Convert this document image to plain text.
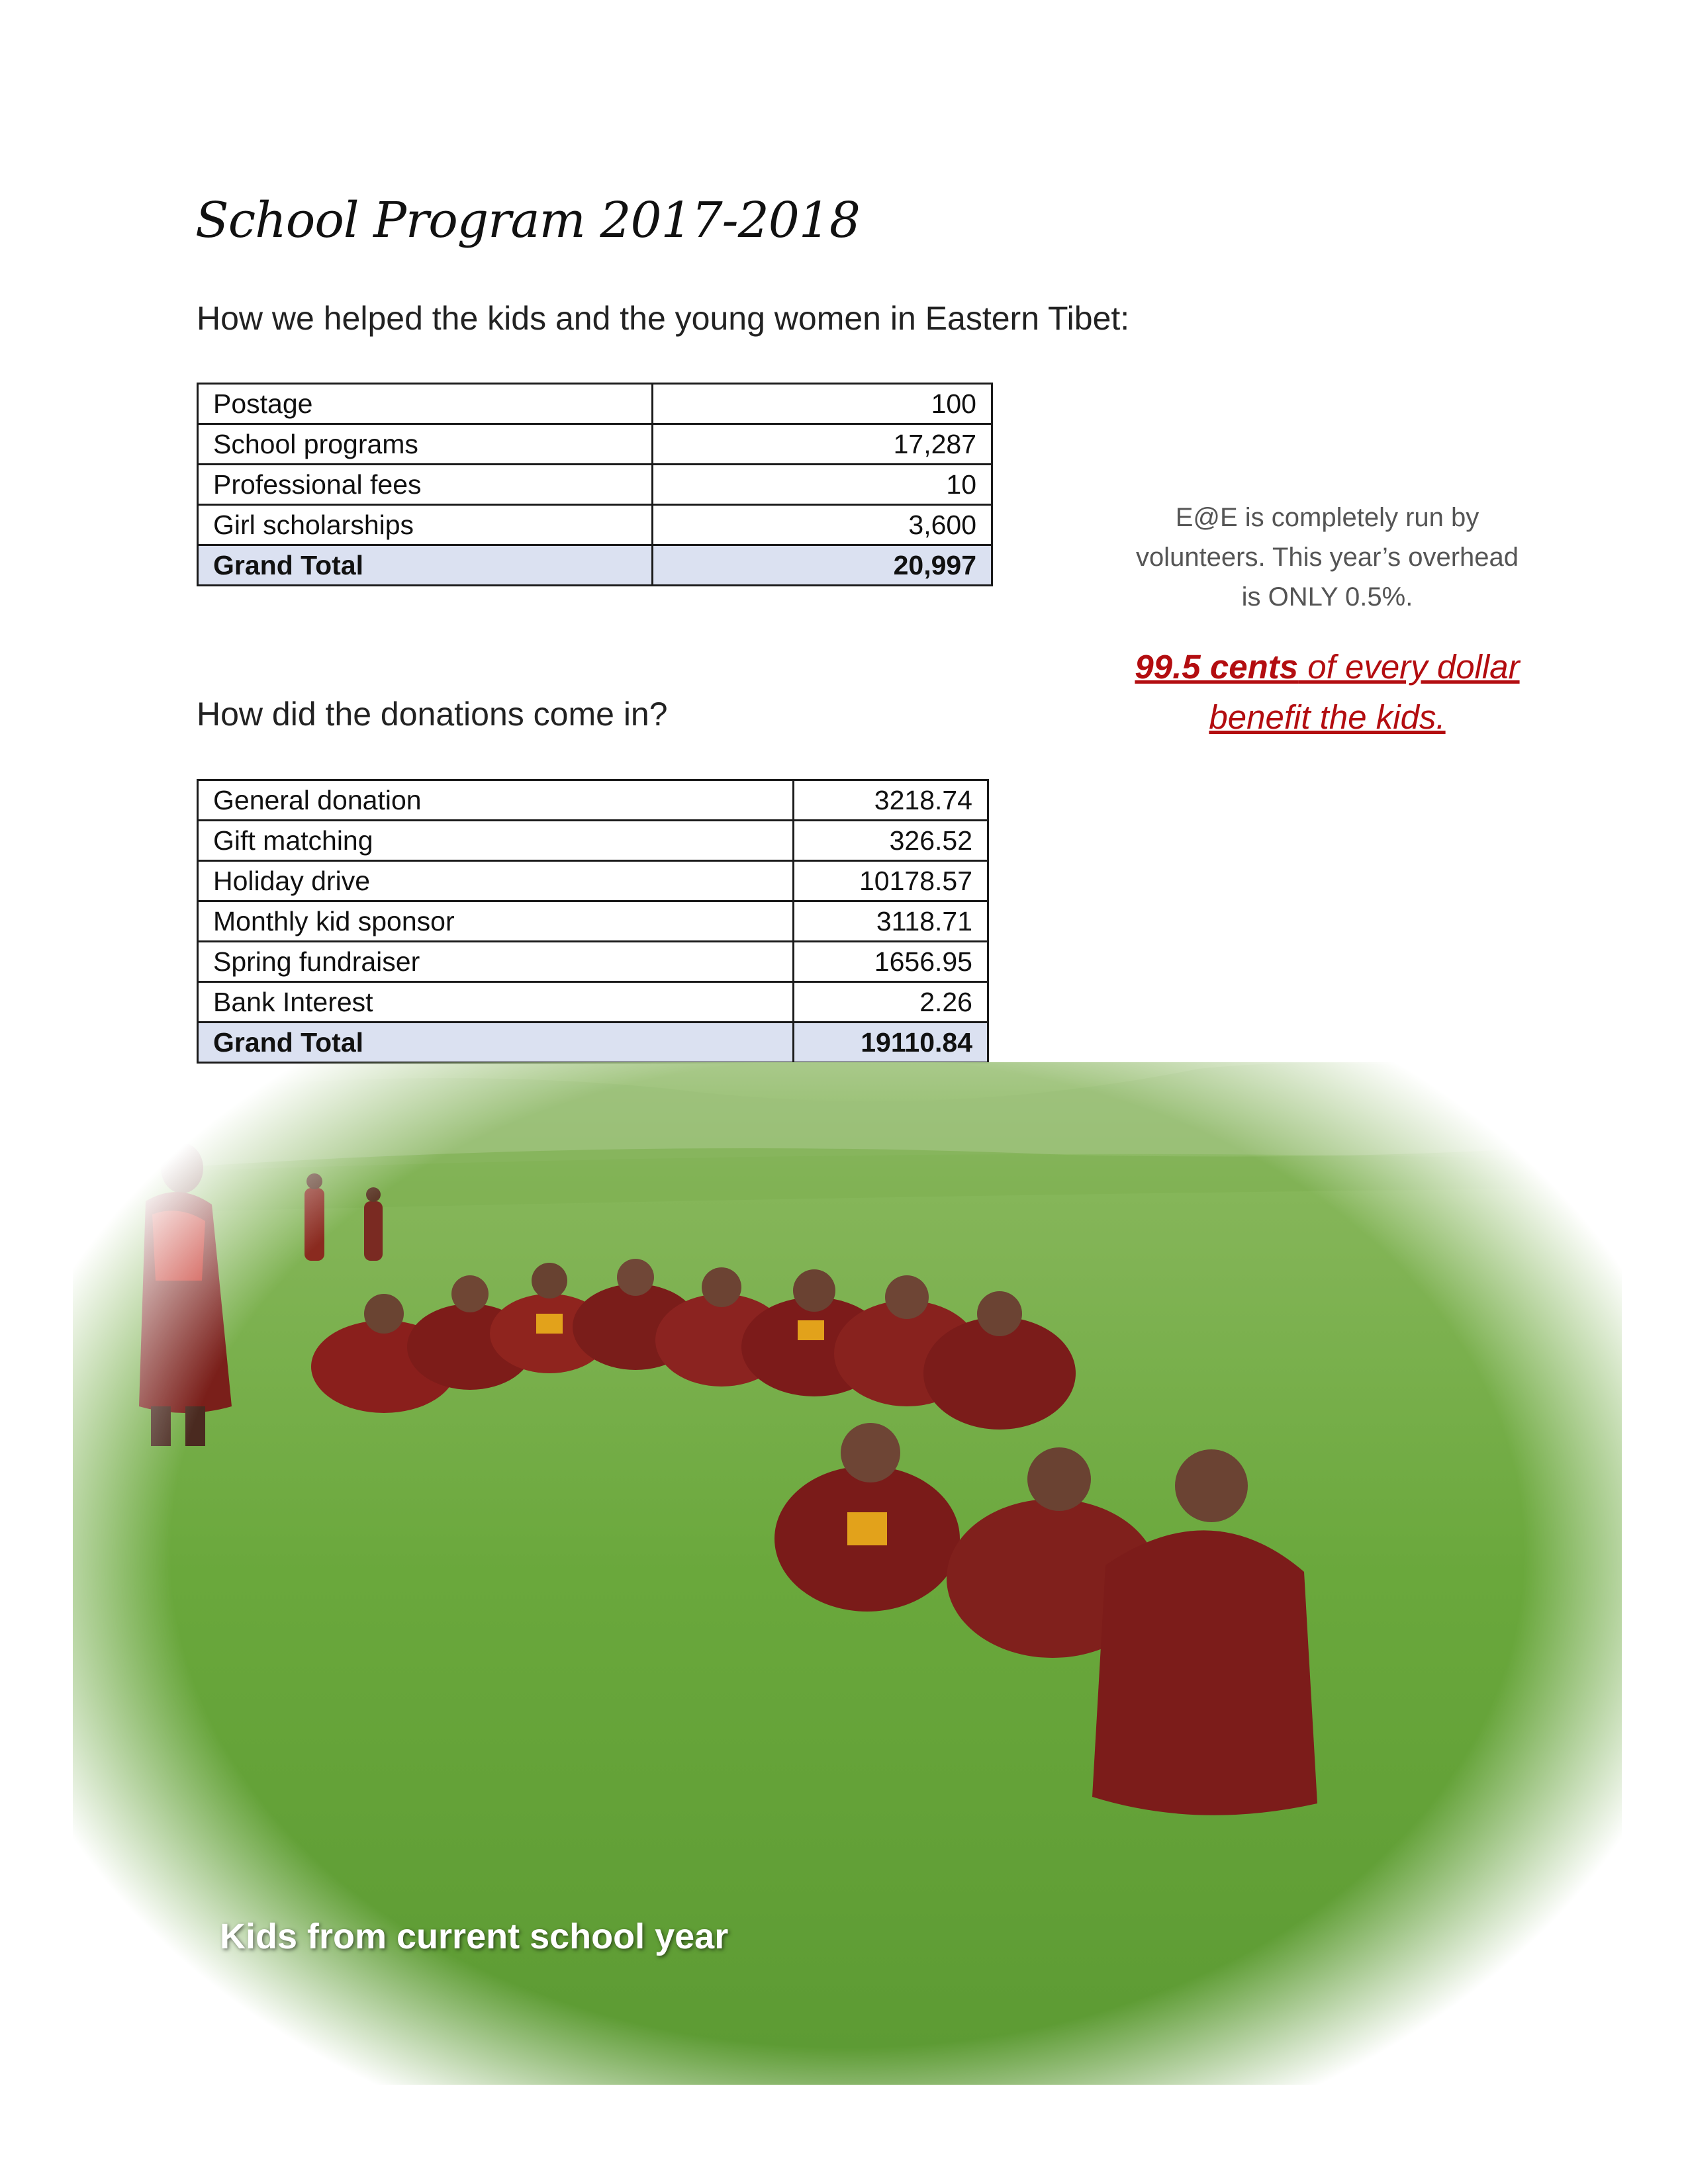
School Program 2017-2018
How we helped the kids and the young women in Eastern Tibet:
Postage	100
School programs	17,287
Professional fees	10
Girl scholarships	3,600
Grand Total	20,997
E@E is completely run by
volunteers. This year’s overhead
is ONLY 0.5%.
99.5 cents of every dollar
benefit the kids.
How did the donations come in?
General donation	3218.74
Gift matching	326.52
Holiday drive	10178.57
Monthly kid sponsor	3118.71
Spring fundraiser	1656.95
Bank Interest	2.26
Grand Total	19110.84
Kids from current school year
